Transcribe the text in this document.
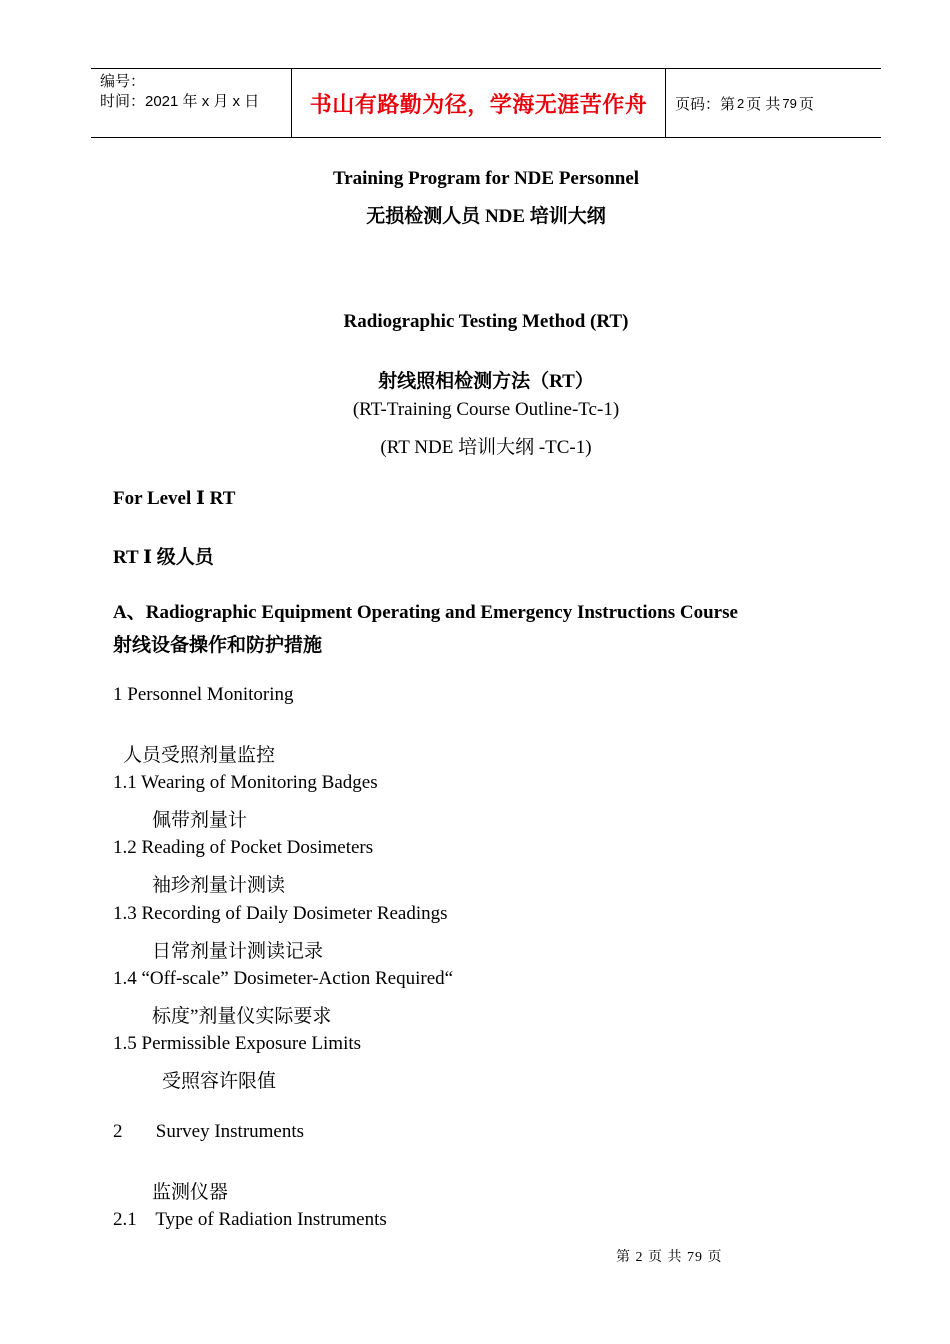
编号：
时间：2021 年 x 月 x 日	书山有路勤为径，学海无涯苦作舟 页码：第 2 页 共 79 页
Training Program for NDE Personnel
无损检测人员 NDE 培训大纲
Radiographic Testing Method (RT)
射线照相检测方法（RT）
(RT-Training Course Outline-Tc-1)
(RT NDE 培训大纲 -TC-1)
For Level Ⅰ RT
RT Ⅰ 级人员
A、Radiographic Equipment Operating and Emergency Instructions Course
射线设备操作和防护措施
1 Personnel Monitoring
人员受照剂量监控
1.1 Wearing of Monitoring Badges
佩带剂量计
1.2 Reading of Pocket Dosimeters
袖珍剂量计测读
1.3 Recording of Daily Dosimeter Readings
日常剂量计测读记录
1.4 “Off-scale” Dosimeter-Action Required“
标度”剂量仪实际要求
1.5 Permissible Exposure Limits
受照容许限值
2       Survey Instruments
监测仪器
2.1    Type of Radiation Instruments
第 2 页 共 79 页
